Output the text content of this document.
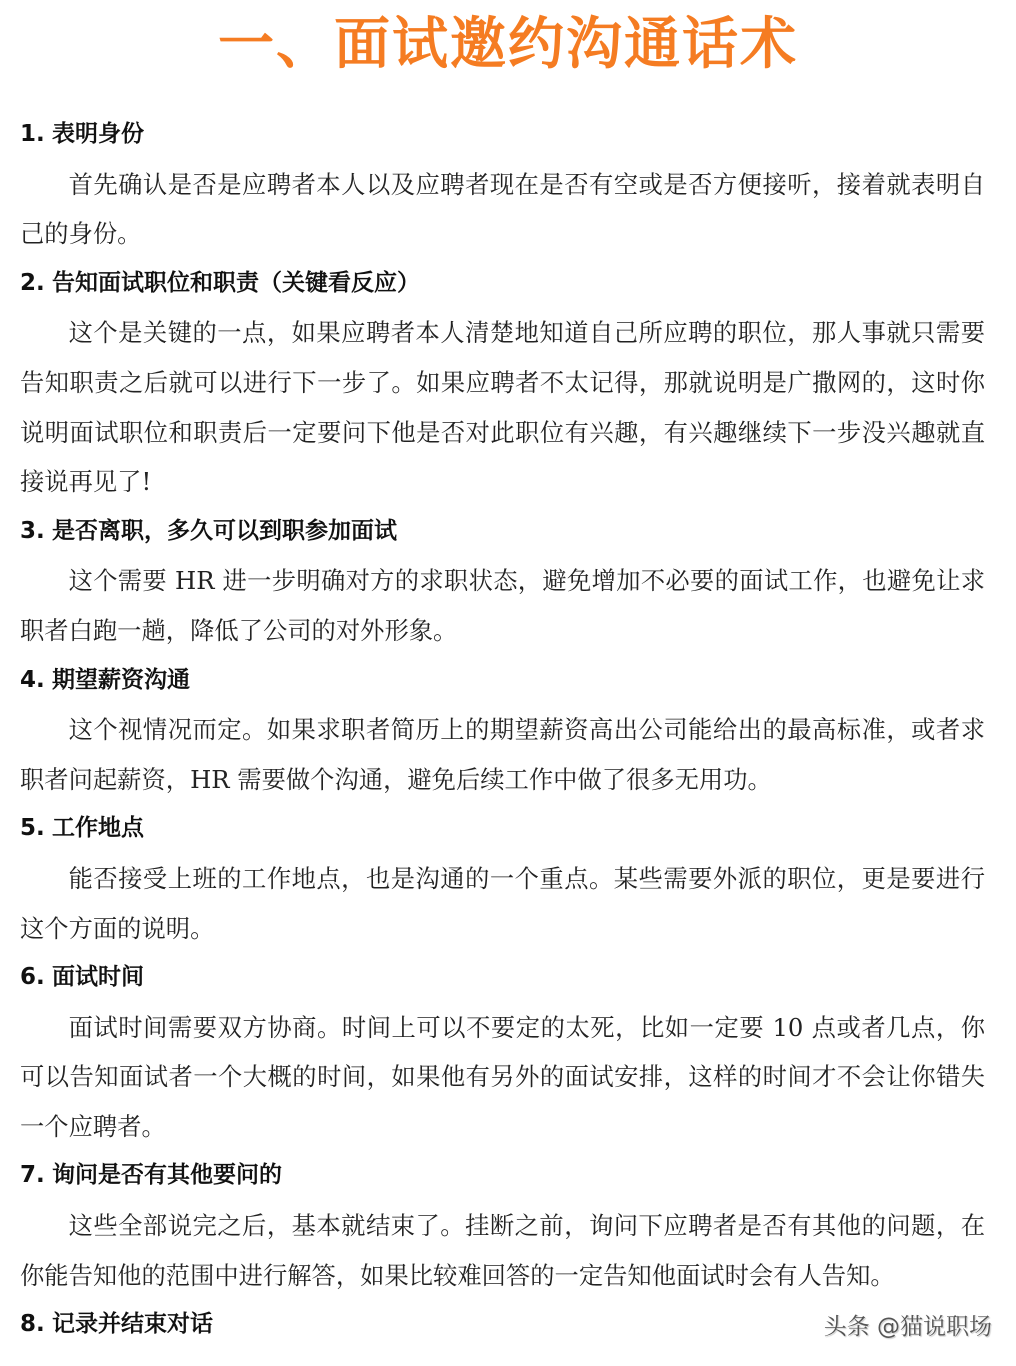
一、面试邀约沟通话术
1. 表明身份

首先确认是否是应聘者本人以及应聘者现在是否有空或是否方便接听，接着就表明自己的身份。

2. 告知面试职位和职责（关键看反应）

这个是关键的一点，如果应聘者本人清楚地知道自己所应聘的职位，那人事就只需要告知职责之后就可以进行下一步了。如果应聘者不太记得，那就说明是广撒网的，这时你说明面试职位和职责后一定要问下他是否对此职位有兴趣，有兴趣继续下一步没兴趣就直接说再见了!

3. 是否离职，多久可以到职参加面试

这个需要 HR 进一步明确对方的求职状态，避免增加不必要的面试工作，也避免让求职者白跑一趟，降低了公司的对外形象。

4. 期望薪资沟通

这个视情况而定。如果求职者简历上的期望薪资高出公司能给出的最高标准，或者求职者问起薪资，HR 需要做个沟通，避免后续工作中做了很多无用功。

5. 工作地点

能否接受上班的工作地点，也是沟通的一个重点。某些需要外派的职位，更是要进行这个方面的说明。

6. 面试时间

面试时间需要双方协商。时间上可以不要定的太死，比如一定要 10 点或者几点，你可以告知面试者一个大概的时间，如果他有另外的面试安排，这样的时间才不会让你错失一个应聘者。

7. 询问是否有其他要问的

这些全部说完之后，基本就结束了。挂断之前，询问下应聘者是否有其他的问题，在你能告知他的范围中进行解答，如果比较难回答的一定告知他面试时会有人告知。

8. 记录并结束对话	头条 @猫说职场
